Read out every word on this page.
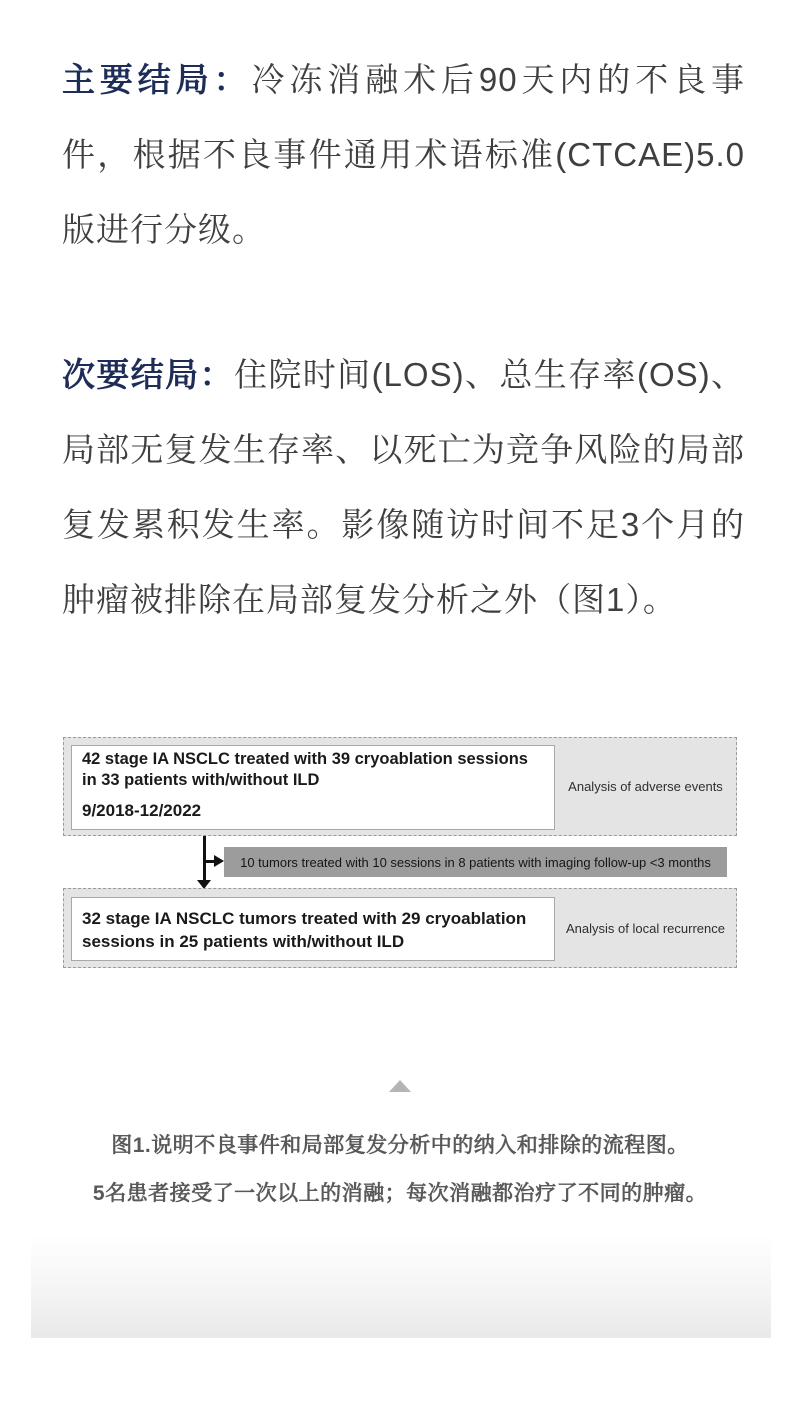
主要结局：冷冻消融术后90天内的不良事件，根据不良事件通用术语标准(CTCAE)5.0版进行分级。

次要结局：住院时间(LOS)、总生存率(OS)、局部无复发生存率、以死亡为竞争风险的局部复发累积发生率。影像随访时间不足3个月的肿瘤被排除在局部复发分析之外（图1）。

42 stage IA NSCLC treated with 39 cryoablation sessions in 33 patients with/without ILD
9/2018-12/2022
Analysis of adverse events
10 tumors treated with 10 sessions in 8 patients with imaging follow-up <3 months
32 stage IA NSCLC tumors treated with 29 cryoablation sessions in 25 patients with/without ILD
Analysis of local recurrence
图1.说明不良事件和局部复发分析中的纳入和排除的流程图。
5名患者接受了一次以上的消融；每次消融都治疗了不同的肿瘤。
